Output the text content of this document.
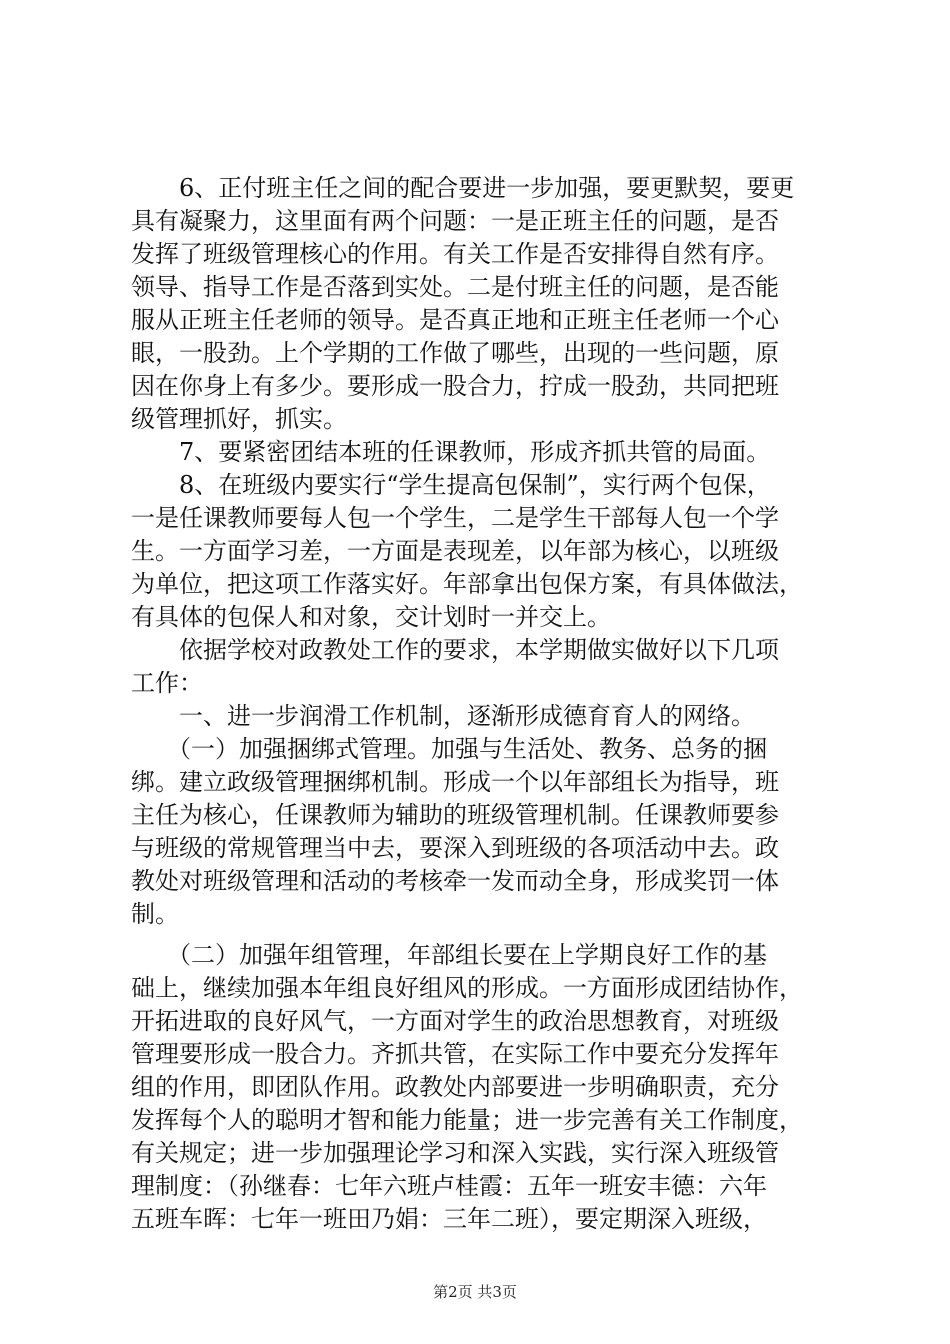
　　6、正付班主任之间的配合要进一步加强，要更默契，要更
具有凝聚力，这里面有两个问题：一是正班主任的问题，是否
发挥了班级管理核心的作用。有关工作是否安排得自然有序。
领导、指导工作是否落到实处。二是付班主任的问题，是否能
服从正班主任老师的领导。是否真正地和正班主任老师一个心
眼，一股劲。上个学期的工作做了哪些，出现的一些问题，原
因在你身上有多少。要形成一股合力，拧成一股劲，共同把班
级管理抓好，抓实。
　　7、要紧密团结本班的任课教师，形成齐抓共管的局面。
　　8、在班级内要实行“学生提高包保制”，实行两个包保，
一是任课教师要每人包一个学生，二是学生干部每人包一个学
生。一方面学习差，一方面是表现差，以年部为核心，以班级
为单位，把这项工作落实好。年部拿出包保方案，有具体做法，
有具体的包保人和对象，交计划时一并交上。
　　依据学校对政教处工作的要求，本学期做实做好以下几项
工作：
　　一、进一步润滑工作机制，逐渐形成德育育人的网络。
　　（一）加强捆绑式管理。加强与生活处、教务、总务的捆
绑。建立政级管理捆绑机制。形成一个以年部组长为指导，班
主任为核心，任课教师为辅助的班级管理机制。任课教师要参
与班级的常规管理当中去，要深入到班级的各项活动中去。政
教处对班级管理和活动的考核牵一发而动全身，形成奖罚一体
制。
　　（二）加强年组管理，年部组长要在上学期良好工作的基
础上，继续加强本年组良好组风的形成。一方面形成团结协作，
开拓进取的良好风气，一方面对学生的政治思想教育，对班级
管理要形成一股合力。齐抓共管，在实际工作中要充分发挥年
组的作用，即团队作用。政教处内部要进一步明确职责，充分
发挥每个人的聪明才智和能力能量；进一步完善有关工作制度，
有关规定；进一步加强理论学习和深入实践，实行深入班级管
理制度：（孙继春：七年六班卢桂霞：五年一班安丰德：六年
五班车晖：七年一班田乃娟：三年二班），要定期深入班级，
第2页 共3页
